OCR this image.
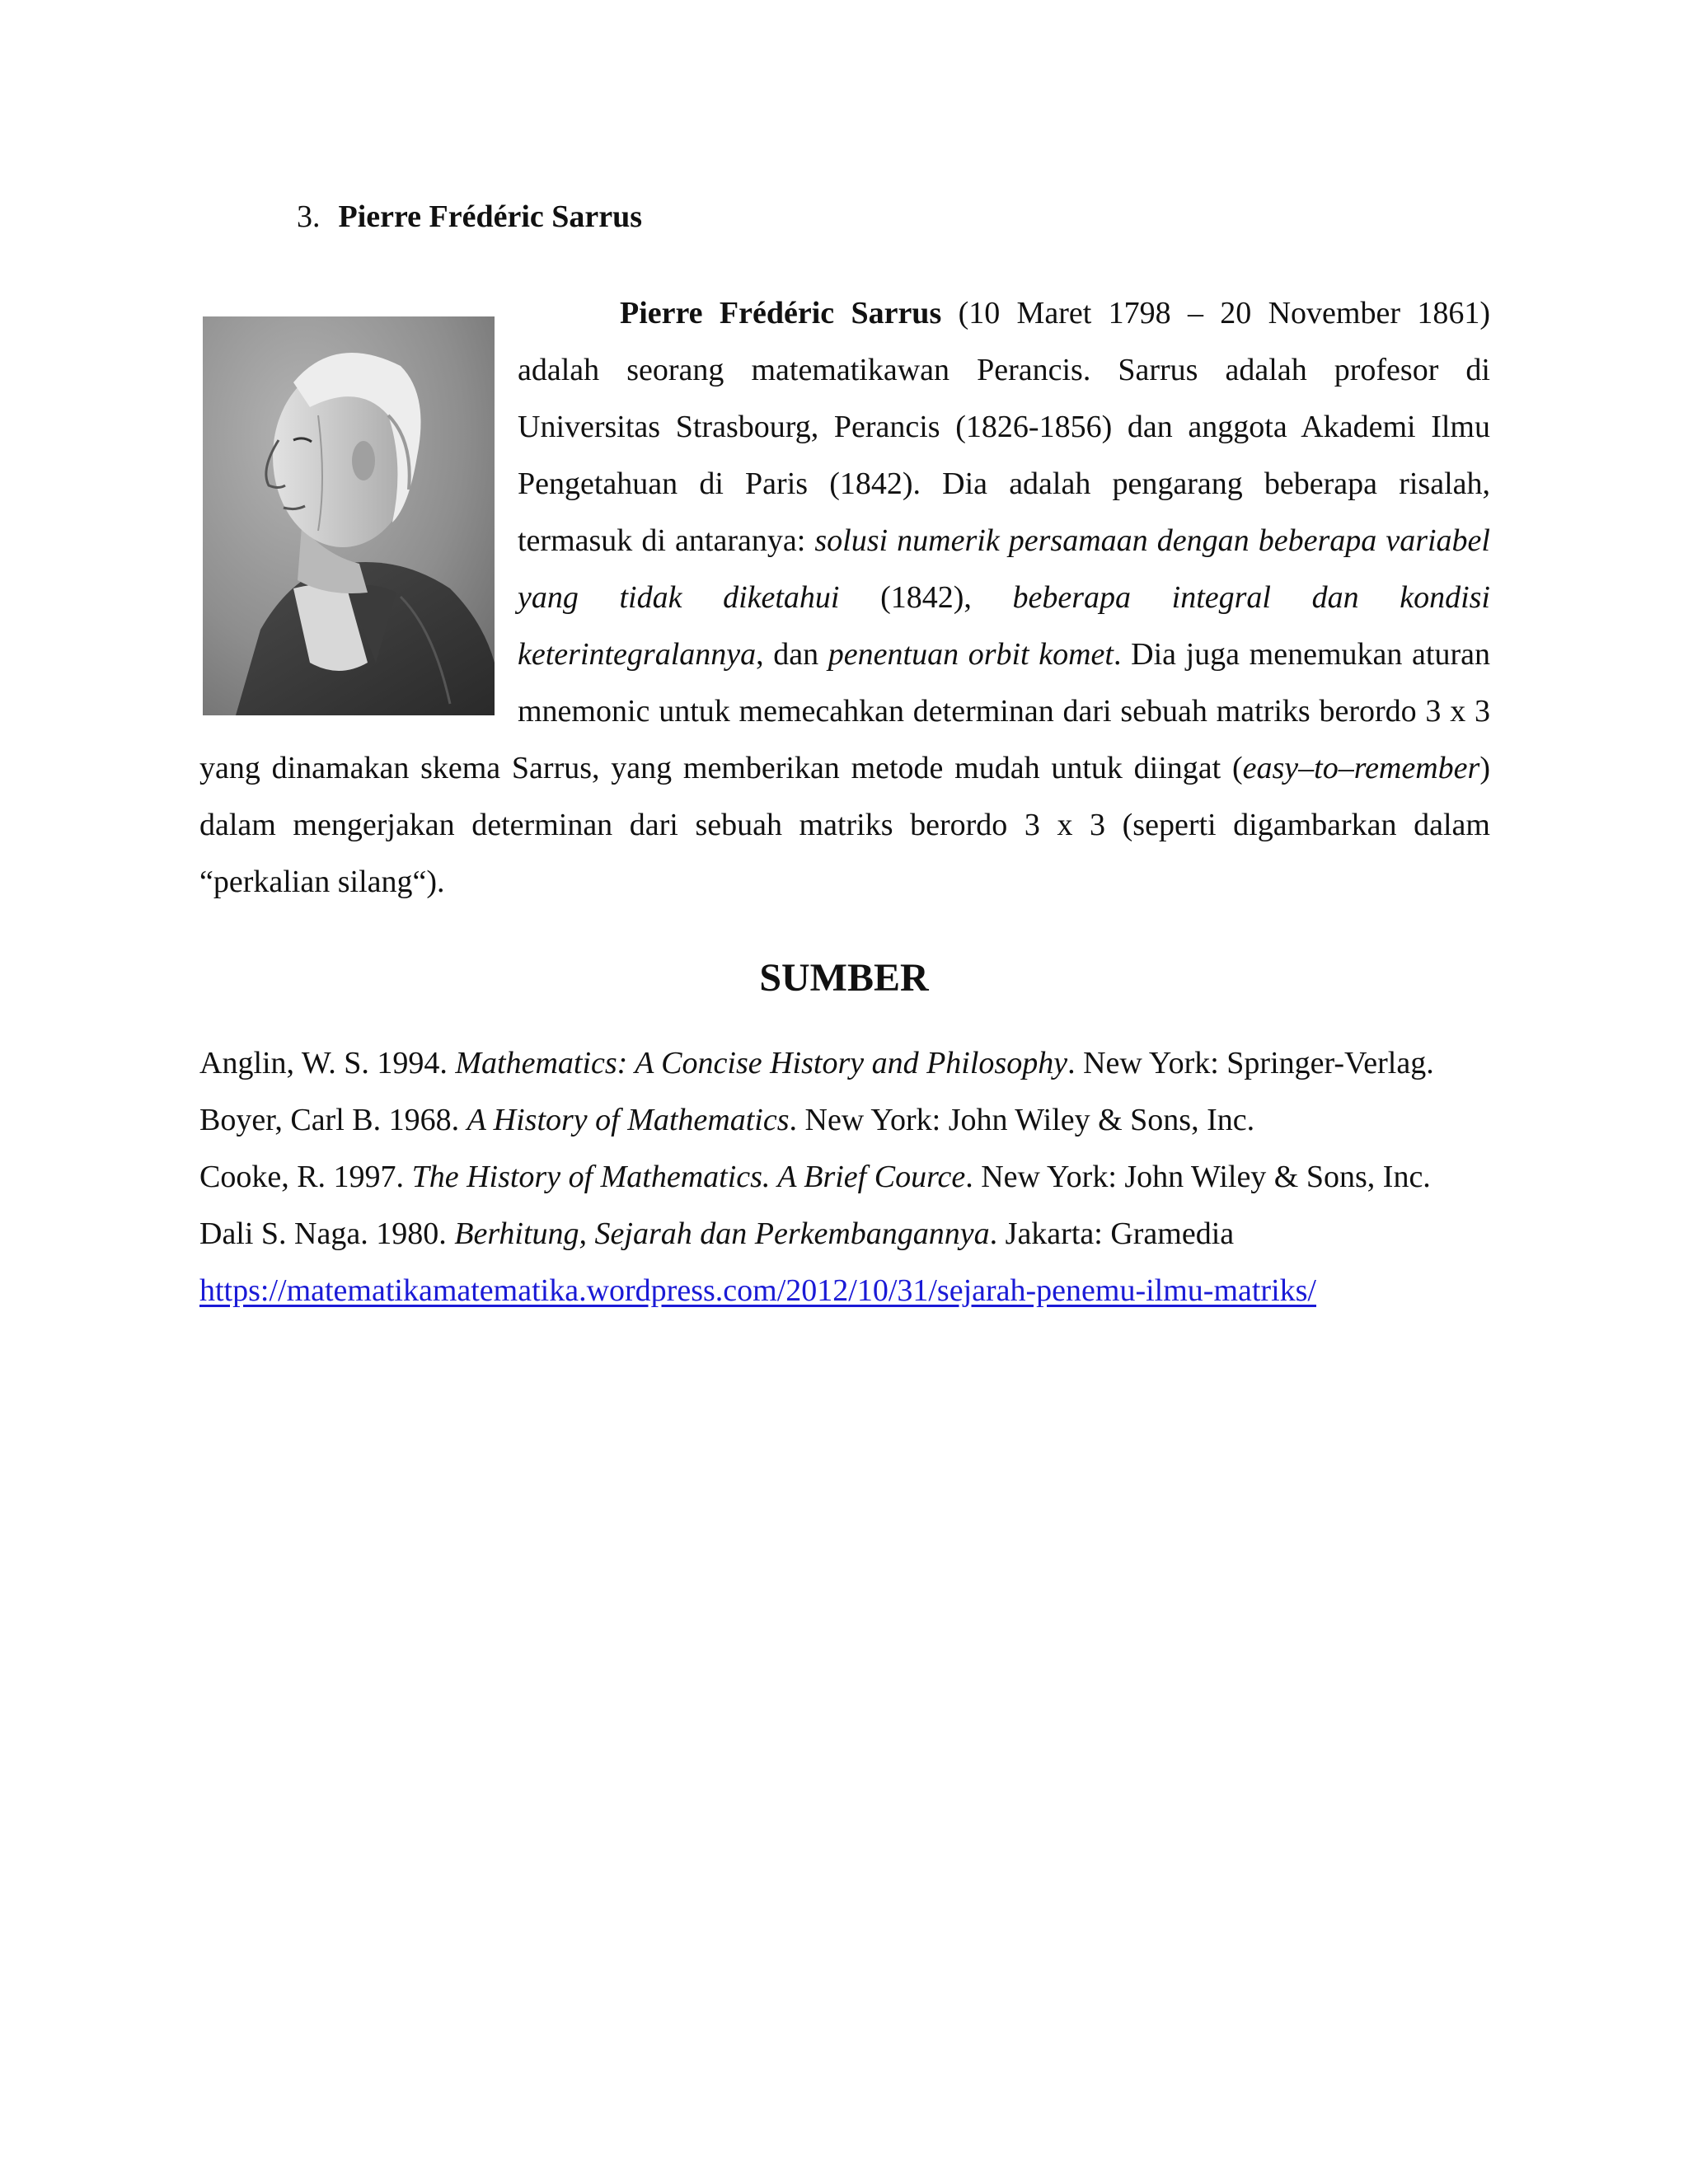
3. Pierre Frédéric Sarrus

Pierre Frédéric Sarrus (10 Maret 1798 – 20 November 1861) adalah seorang matematikawan Perancis. Sarrus adalah profesor di Universitas Strasbourg, Perancis (1826-1856) dan anggota Akademi Ilmu Pengetahuan di Paris (1842). Dia adalah pengarang beberapa risalah, termasuk di antaranya: solusi numerik persamaan dengan beberapa variabel yang tidak diketahui (1842), beberapa integral dan kondisi keterintegralannya, dan penentuan orbit komet. Dia juga menemukan aturan mnemonic untuk memecahkan determinan dari sebuah matriks berordo 3 x 3 yang dinamakan skema Sarrus, yang memberikan metode mudah untuk diingat (easy–to–remember) dalam mengerjakan determinan dari sebuah matriks berordo 3 x 3 (seperti digambarkan dalam “perkalian silang“).

SUMBER
Anglin, W. S. 1994. Mathematics: A Concise History and Philosophy. New York: Springer-Verlag.
Boyer, Carl B. 1968. A History of Mathematics. New York: John Wiley & Sons, Inc.
Cooke, R. 1997. The History of Mathematics. A Brief Cource. New York: John Wiley & Sons, Inc.
Dali S. Naga. 1980. Berhitung, Sejarah dan Perkembangannya. Jakarta: Gramedia
https://matematikamatematika.wordpress.com/2012/10/31/sejarah-penemu-ilmu-matriks/
